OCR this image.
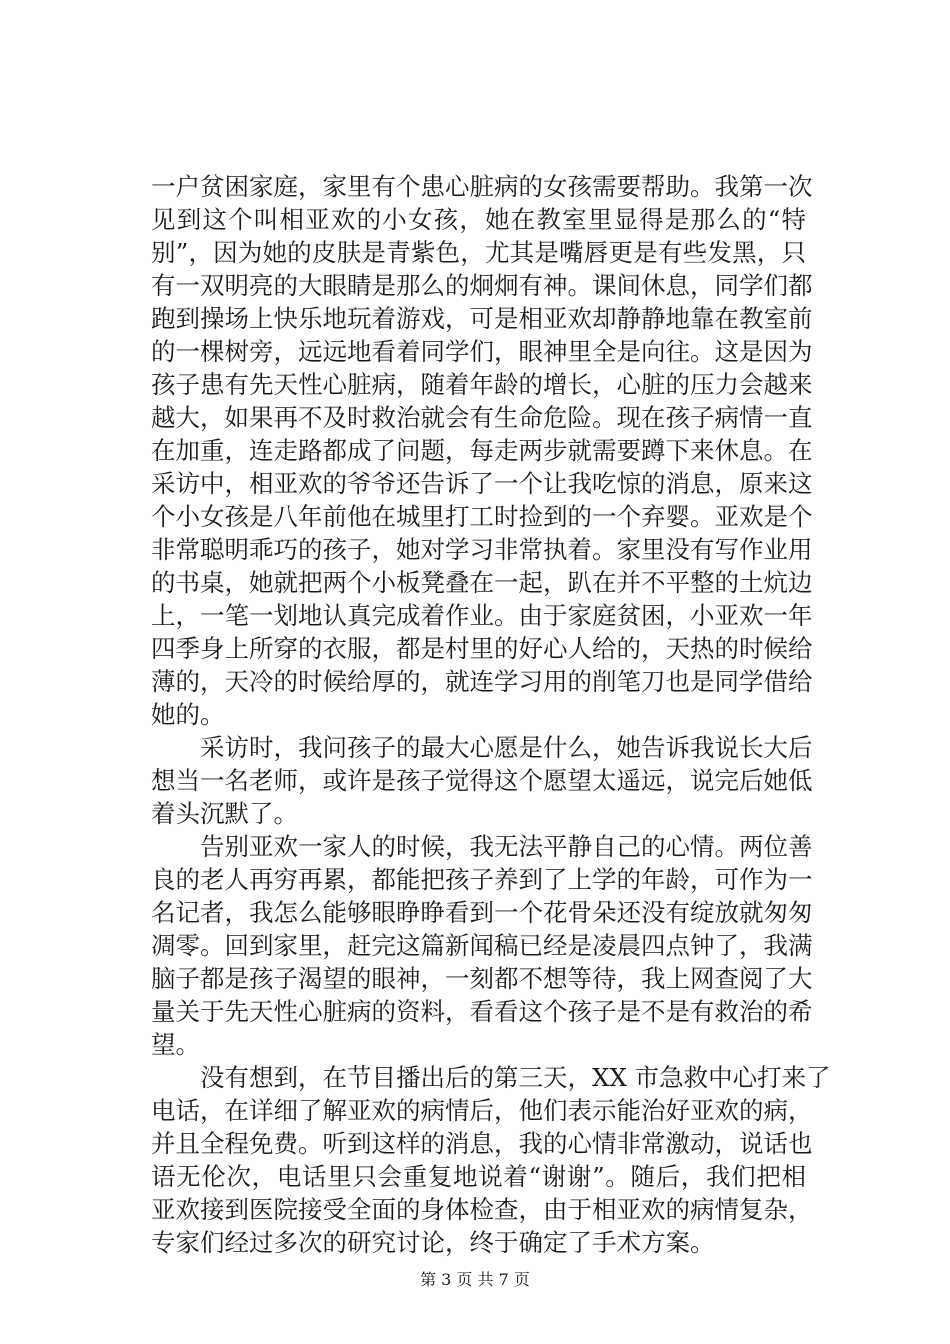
一户贫困家庭，家里有个患心脏病的女孩需要帮助。我第一次
见到这个叫相亚欢的小女孩，她在教室里显得是那么的“特
别”，因为她的皮肤是青紫色，尤其是嘴唇更是有些发黑，只
有一双明亮的大眼睛是那么的炯炯有神。课间休息，同学们都
跑到操场上快乐地玩着游戏，可是相亚欢却静静地靠在教室前
的一棵树旁，远远地看着同学们，眼神里全是向往。这是因为
孩子患有先天性心脏病，随着年龄的增长，心脏的压力会越来
越大，如果再不及时救治就会有生命危险。现在孩子病情一直
在加重，连走路都成了问题，每走两步就需要蹲下来休息。在
采访中，相亚欢的爷爷还告诉了一个让我吃惊的消息，原来这
个小女孩是八年前他在城里打工时捡到的一个弃婴。亚欢是个
非常聪明乖巧的孩子，她对学习非常执着。家里没有写作业用
的书桌，她就把两个小板凳叠在一起，趴在并不平整的土炕边
上，一笔一划地认真完成着作业。由于家庭贫困，小亚欢一年
四季身上所穿的衣服，都是村里的好心人给的，天热的时候给
薄的，天冷的时候给厚的，就连学习用的削笔刀也是同学借给
她的。
　　采访时，我问孩子的最大心愿是什么，她告诉我说长大后
想当一名老师，或许是孩子觉得这个愿望太遥远，说完后她低
着头沉默了。
　　告别亚欢一家人的时候，我无法平静自己的心情。两位善
良的老人再穷再累，都能把孩子养到了上学的年龄，可作为一
名记者，我怎么能够眼睁睁看到一个花骨朵还没有绽放就匆匆
凋零。回到家里，赶完这篇新闻稿已经是凌晨四点钟了，我满
脑子都是孩子渴望的眼神，一刻都不想等待，我上网查阅了大
量关于先天性心脏病的资料，看看这个孩子是不是有救治的希
望。
　　没有想到，在节目播出后的第三天，XX 市急救中心打来了
电话，在详细了解亚欢的病情后，他们表示能治好亚欢的病，
并且全程免费。听到这样的消息，我的心情非常激动，说话也
语无伦次，电话里只会重复地说着“谢谢”。随后，我们把相
亚欢接到医院接受全面的身体检查，由于相亚欢的病情复杂，
专家们经过多次的研究讨论，终于确定了手术方案。
第 3 页 共 7 页
